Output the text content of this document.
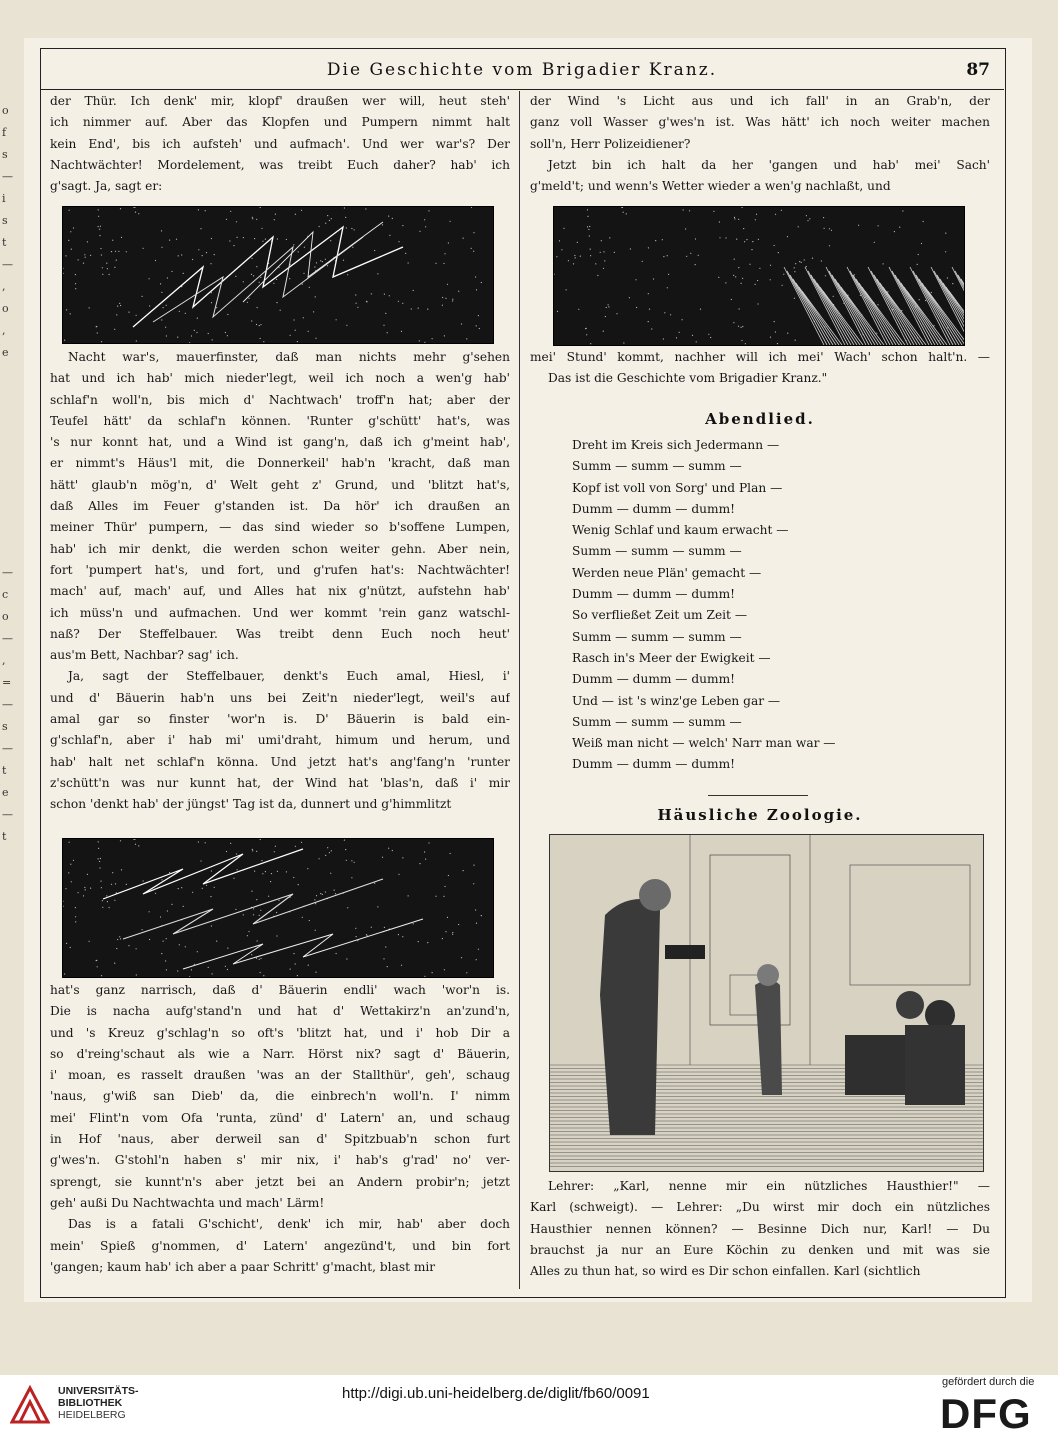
Die Geschichte vom Brigadier Kranz.	87
o
f
s
—
i
s
t
—
,
o
,
e
—
c
o
—
,
=
—
s
—
t
e
—
t
der Thür. Ich denk' mir, klopf' draußen wer will, heut steh'
ich nimmer auf. Aber das Klopfen und Pumpern nimmt halt
kein End', bis ich aufsteh' und aufmach'. Und wer war's? Der
Nachtwächter! Mordelement, was treibt Euch daher? hab' ich
g'sagt. Ja, sagt er:
Nacht war's, mauerfinster, daß man nichts mehr g'sehen
hat und ich hab' mich nieder'legt, weil ich noch a wen'g hab'
schlaf'n woll'n, bis mich d' Nachtwach' troff'n hat; aber der
Teufel hätt' da schlaf'n können. 'Runter g'schütt' hat's, was
's nur konnt hat, und a Wind ist gang'n, daß ich g'meint hab',
er nimmt's Häus'l mit, die Donnerkeil' hab'n 'kracht, daß man
hätt' glaub'n mög'n, d' Welt geht z' Grund, und 'blitzt hat's,
daß Alles im Feuer g'standen ist. Da hör' ich draußen an
meiner Thür' pumpern, — das sind wieder so b'soffene Lumpen,
hab' ich mir denkt, die werden schon weiter gehn. Aber nein,
fort 'pumpert hat's, und fort, und g'rufen hat's: Nachtwächter!
mach' auf, mach' auf, und Alles hat nix g'nützt, aufstehn hab'
ich müss'n und aufmachen. Und wer kommt 'rein ganz watschl-
naß? Der Steffelbauer. Was treibt denn Euch noch heut'
aus'm Bett, Nachbar? sag' ich.
Ja, sagt der Steffelbauer, denkt's Euch amal, Hiesl, i'
und d' Bäuerin hab'n uns bei Zeit'n nieder'legt, weil's auf
amal gar so finster 'wor'n is. D' Bäuerin is bald ein-
g'schlaf'n, aber i' hab mi' umi'draht, himum und herum, und
hab' halt net schlaf'n könna. Und jetzt hat's ang'fang'n 'runter
z'schütt'n was nur kunnt hat, der Wind hat 'blas'n, daß i' mir
schon 'denkt hab' der jüngst' Tag ist da, dunnert und g'himmlitzt
hat's ganz narrisch, daß d' Bäuerin endli' wach 'wor'n is.
Die is nacha aufg'stand'n und hat d' Wettakirz'n an'zund'n,
und 's Kreuz g'schlag'n so oft's 'blitzt hat, und i' hob Dir a
so d'reing'schaut als wie a Narr. Hörst nix? sagt d' Bäuerin,
i' moan, es rasselt draußen 'was an der Stallthür', geh', schaug
'naus, g'wiß san Dieb' da, die einbrech'n woll'n. I' nimm
mei' Flint'n vom Ofa 'runta, zünd' d' Latern' an, und schaug
in Hof 'naus, aber derweil san d' Spitzbuab'n schon furt
g'wes'n. G'stohl'n haben s' mir nix, i' hab's g'rad' no' ver-
sprengt, sie kunnt'n's aber jetzt bei an Andern probir'n; jetzt
geh' außi Du Nachtwachta und mach' Lärm!
Das is a fatali G'schicht', denk' ich mir, hab' aber doch
mein' Spieß g'nommen, d' Latern' angezünd't, und bin fort
'gangen; kaum hab' ich aber a paar Schritt' g'macht, blast mir
der Wind 's Licht aus und ich fall' in an Grab'n, der
ganz voll Wasser g'wes'n ist. Was hätt' ich noch weiter machen
soll'n, Herr Polizeidiener?
Jetzt bin ich halt da her 'gangen und hab' mei' Sach'
g'meld't; und wenn's Wetter wieder a wen'g nachlaßt, und
mei' Stund' kommt, nachher will ich mei' Wach' schon halt'n. —
Das ist die Geschichte vom Brigadier Kranz."
Abendlied.
Dreht im Kreis sich Jedermann —
Summ — summ — summ —
Kopf ist voll von Sorg' und Plan —
Dumm — dumm — dumm!
Wenig Schlaf und kaum erwacht —
Summ — summ — summ —
Werden neue Plän' gemacht —
Dumm — dumm — dumm!
So verfließet Zeit um Zeit —
Summ — summ — summ —
Rasch in's Meer der Ewigkeit —
Dumm — dumm — dumm!
Und — ist 's winz'ge Leben gar —
Summ — summ — summ —
Weiß man nicht — welch' Narr man war —
Dumm — dumm — dumm!
Häusliche Zoologie.
Lehrer: „Karl, nenne mir ein nützliches Hausthier!" —
Karl (schweigt). — Lehrer: „Du wirst mir doch ein nützliches
Hausthier nennen können? — Besinne Dich nur, Karl! — Du
brauchst ja nur an Eure Köchin zu denken und mit was sie
Alles zu thun hat, so wird es Dir schon einfallen. Karl (sichtlich
UNIVERSITÄTS-
BIBLIOTHEK
HEIDELBERG
http://digi.ub.uni-heidelberg.de/diglit/fb60/0091
gefördert durch die
DFG
